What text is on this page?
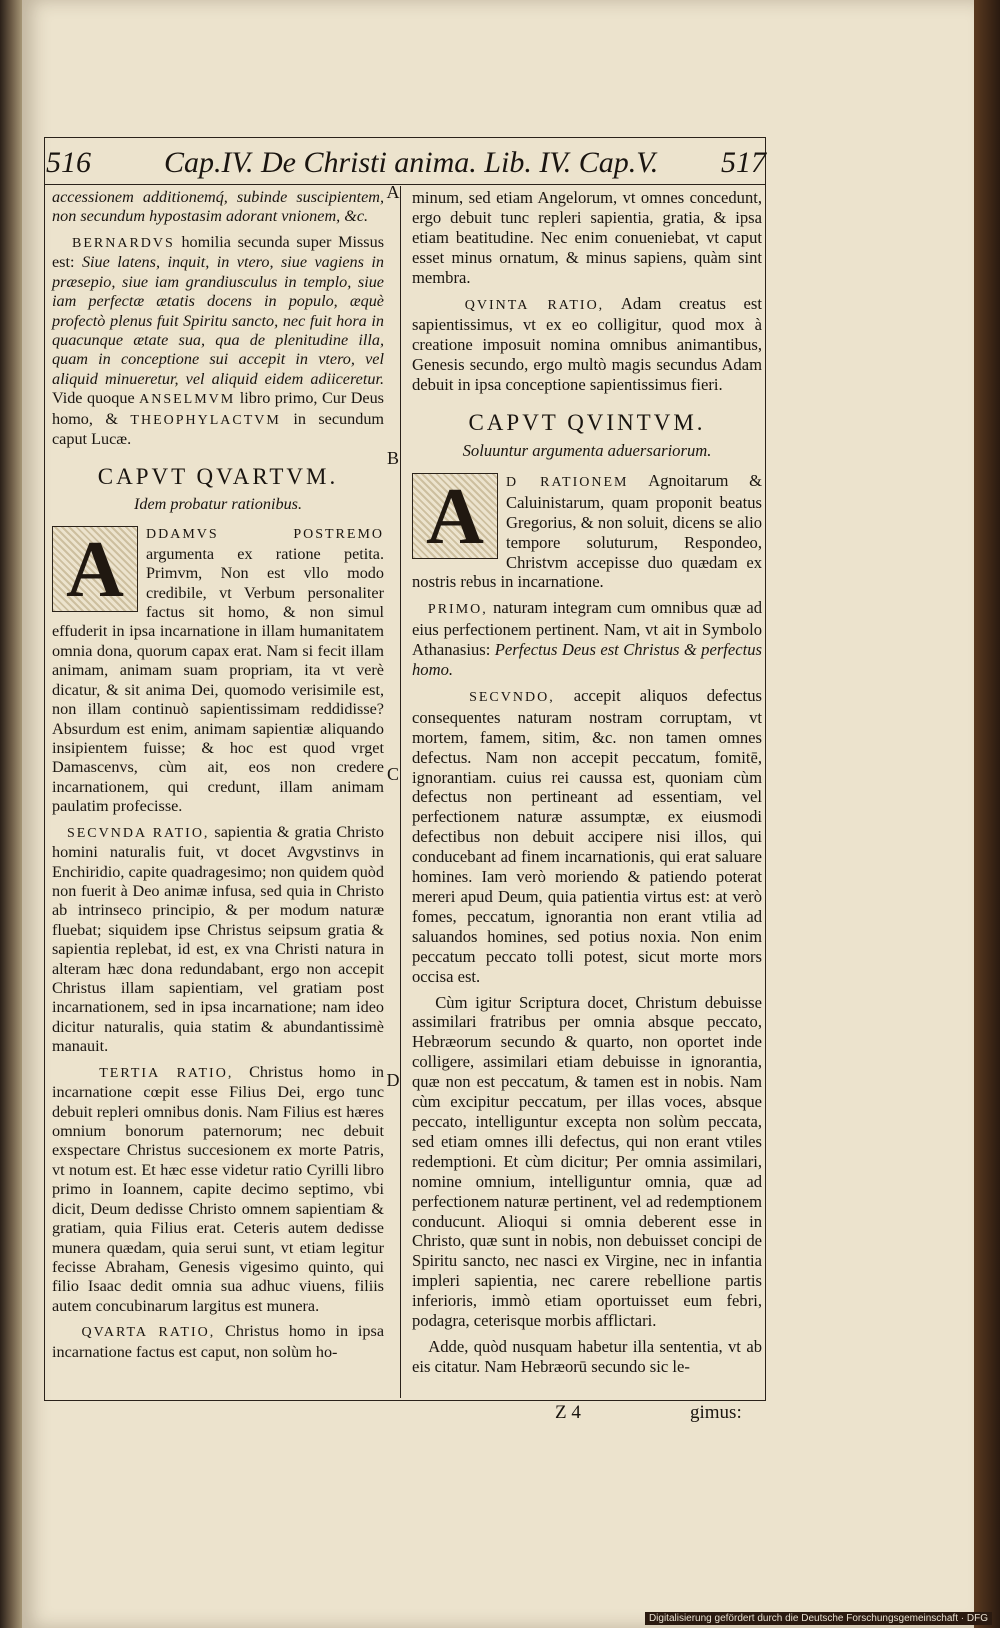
516 Cap.IV. De Christi anima. Lib. IV. Cap.V. 517
A
B
C
D

accessionem additionemq́, subinde suscipientem, non secundum hypostasim adorant vnionem, &c.

BERNARDVS homilia secunda super Missus est: Siue latens, inquit, in vtero, siue vagiens in præsepio, siue iam grandiusculus in templo, siue iam perfectæ ætatis docens in populo, æquè profectò plenus fuit Spiritu sancto, nec fuit hora in quacunque ætate sua, qua de plenitudine illa, quam in conceptione sui accepit in vtero, vel aliquid minueretur, vel aliquid eidem adiiceretur. Vide quoque ANSELMVM libro primo, Cur Deus homo, & THEOPHYLACTVM in secundum caput Lucæ.

CAPVT QVARTVM.
Idem probatur rationibus.

A	DDAMVS POSTREMO argumenta ex ratione petita. Primvm, Non est vllo modo credibile, vt Verbum personaliter factus sit homo, & non simul effuderit in ipsa incarnatione in illam humanitatem omnia dona, quorum capax erat. Nam si fecit illam animam, animam suam propriam, ita vt verè dicatur, & sit anima Dei, quomodo verisimile est, non illam continuò sapientissimam reddidisse? Absurdum est enim, animam sapientiæ aliquando insipientem fuisse; & hoc est quod vrget Damascenvs, cùm ait, eos non credere incarnationem, qui credunt, illam animam paulatim profecisse.

SECVNDA RATIO, sapientia & gratia Christo homini naturalis fuit, vt docet Avgvstinvs in Enchiridio, capite quadragesimo; non quidem quòd non fuerit à Deo animæ infusa, sed quia in Christo ab intrinseco principio, & per modum naturæ fluebat; siquidem ipse Christus seipsum gratia & sapientia replebat, id est, ex vna Christi natura in alteram hæc dona redundabant, ergo non accepit Christus illam sapientiam, vel gratiam post incarnationem, sed in ipsa incarnatione; nam ideo dicitur naturalis, quia statim & abundantissimè manauit.

TERTIA RATIO, Christus homo in incarnatione cœpit esse Filius Dei, ergo tunc debuit repleri omnibus donis. Nam Filius est hæres omnium bonorum paternorum; nec debuit exspectare Christus succesionem ex morte Patris, vt notum est. Et hæc esse videtur ratio Cyrilli libro primo in Ioannem, capite decimo septimo, vbi dicit, Deum dedisse Christo omnem sapientiam & gratiam, quia Filius erat. Ceteris autem dedisse munera quædam, quia serui sunt, vt etiam legitur fecisse Abraham, Genesis vigesimo quinto, qui filio Isaac dedit omnia sua adhuc viuens, filiis autem concubinarum largitus est munera.

QVARTA RATIO, Christus homo in ipsa incarnatione factus est caput, non solùm ho-

minum, sed etiam Angelorum, vt omnes concedunt, ergo debuit tunc repleri sapientia, gratia, & ipsa etiam beatitudine. Nec enim conueniebat, vt caput esset minus ornatum, & minus sapiens, quàm sint membra.

QVINTA RATIO, Adam creatus est sapientissimus, vt ex eo colligitur, quod mox à creatione imposuit nomina omnibus animantibus, Genesis secundo, ergo multò magis secundus Adam debuit in ipsa conceptione sapientissimus fieri.

CAPVT QVINTVM.
Soluuntur argumenta aduersariorum.

A	D RATIONEM Agnoitarum & Caluinistarum, quam proponit beatus Gregorius, & non soluit, dicens se alio tempore soluturum, Respondeo, Christvm accepisse duo quædam ex nostris rebus in incarnatione.

PRIMO, naturam integram cum omnibus quæ ad eius perfectionem pertinent. Nam, vt ait in Symbolo Athanasius: Perfectus Deus est Christus & perfectus homo.

SECVNDO, accepit aliquos defectus consequentes naturam nostram corruptam, vt mortem, famem, sitim, &c. non tamen omnes defectus. Nam non accepit peccatum, fomitē, ignorantiam. cuius rei caussa est, quoniam cùm defectus non pertineant ad essentiam, vel perfectionem naturæ assumptæ, ex eiusmodi defectibus non debuit accipere nisi illos, qui conducebant ad finem incarnationis, qui erat saluare homines. Iam verò moriendo & patiendo poterat mereri apud Deum, quia patientia virtus est: at verò fomes, peccatum, ignorantia non erant vtilia ad saluandos homines, sed potius noxia. Non enim peccatum peccato tolli potest, sicut morte mors occisa est.

Cùm igitur Scriptura docet, Christum debuisse assimilari fratribus per omnia absque peccato, Hebræorum secundo & quarto, non oportet inde colligere, assimilari etiam debuisse in ignorantia, quæ non est peccatum, & tamen est in nobis. Nam cùm excipitur peccatum, per illas voces, absque peccato, intelliguntur excepta non solùm peccata, sed etiam omnes illi defectus, qui non erant vtiles redemptioni. Et cùm dicitur; Per omnia assimilari, nomine omnium, intelliguntur omnia, quæ ad perfectionem naturæ pertinent, vel ad redemptionem conducunt. Alioqui si omnia deberent esse in Christo, quæ sunt in nobis, non debuisset concipi de Spiritu sancto, nec nasci ex Virgine, nec in infantia impleri sapientia, nec carere rebellione partis inferioris, immò etiam oportuisset eum febri, podagra, ceterisque morbis afflictari.

Adde, quòd nusquam habetur illa sententia, vt ab eis citatur. Nam Hebræorū secundo sic le-

Z 4	gimus:
Digitalisierung gefördert durch die Deutsche Forschungsgemeinschaft · DFG
